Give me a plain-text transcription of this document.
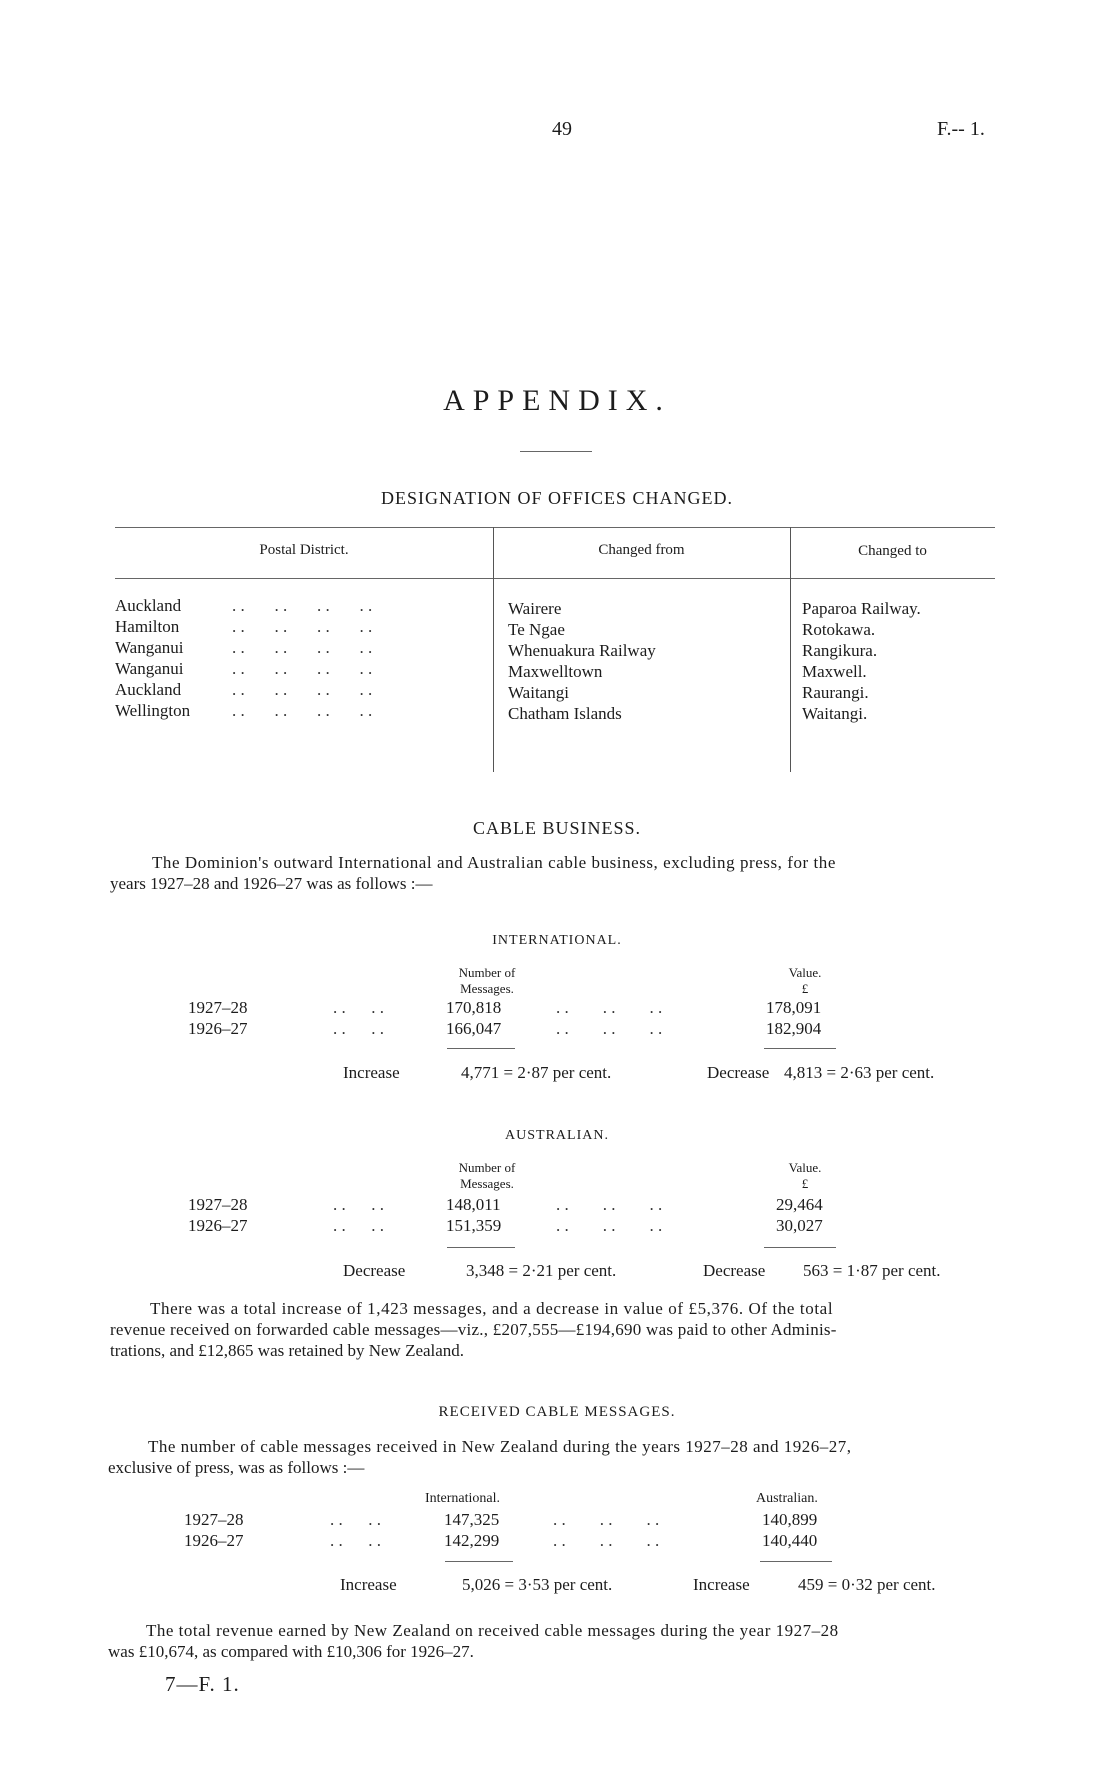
49	F.-- 1.
APPENDIX.
DESIGNATION OF OFFICES CHANGED.
Postal District.	Changed from	Changed to
Auckland	. .       . .       . .       . .	Wairere	Paparoa Railway.
Hamilton	. .       . .       . .       . .	Te Ngae	Rotokawa.
Wanganui	. .       . .       . .       . .	Whenuakura Railway	Rangikura.
Wanganui	. .       . .       . .       . .	Maxwelltown	Maxwell.
Auckland	. .       . .       . .       . .	Waitangi	Raurangi.
Wellington . .       . .       . .       . .	Chatham Islands	Waitangi.
CABLE BUSINESS.
The Dominion's outward International and Australian cable business, excluding press, for the
years 1927–28 and 1926–27 was as follows :—
INTERNATIONAL.
Number of
Messages.
Value.
£
1927–28	. .      . .	170,818	. .        . .        . .	178,091
1926–27	. .      . .	166,047	. .        . .        . .	182,904
Increase	4,771 = 2·87 per cent.	Decrease 4,813 = 2·63 per cent.
AUSTRALIAN.
Number of
Messages.
Value.
£
1927–28	. .      . .	148,011	. .        . .        . .	29,464
1926–27	. .      . .	151,359	. .        . .        . .	30,027
Decrease	3,348 = 2·21 per cent.	Decrease 563 = 1·87 per cent.
There was a total increase of 1,423 messages, and a decrease in value of £5,376. Of the total
revenue received on forwarded cable messages—viz., £207,555—£194,690 was paid to other Adminis-
trations, and £12,865 was retained by New Zealand.
RECEIVED CABLE MESSAGES.
The number of cable messages received in New Zealand during the years 1927–28 and 1926–27,
exclusive of press, was as follows :—
International.	Australian.
1927–28	. .      . .	147,325	. .        . .        . .	140,899
1926–27	. .      . .	142,299	. .        . .        . .	140,440
Increase	5,026 = 3·53 per cent.	Increase	459 = 0·32 per cent.
The total revenue earned by New Zealand on received cable messages during the year 1927–28
was £10,674, as compared with £10,306 for 1926–27.
7—F. 1.
